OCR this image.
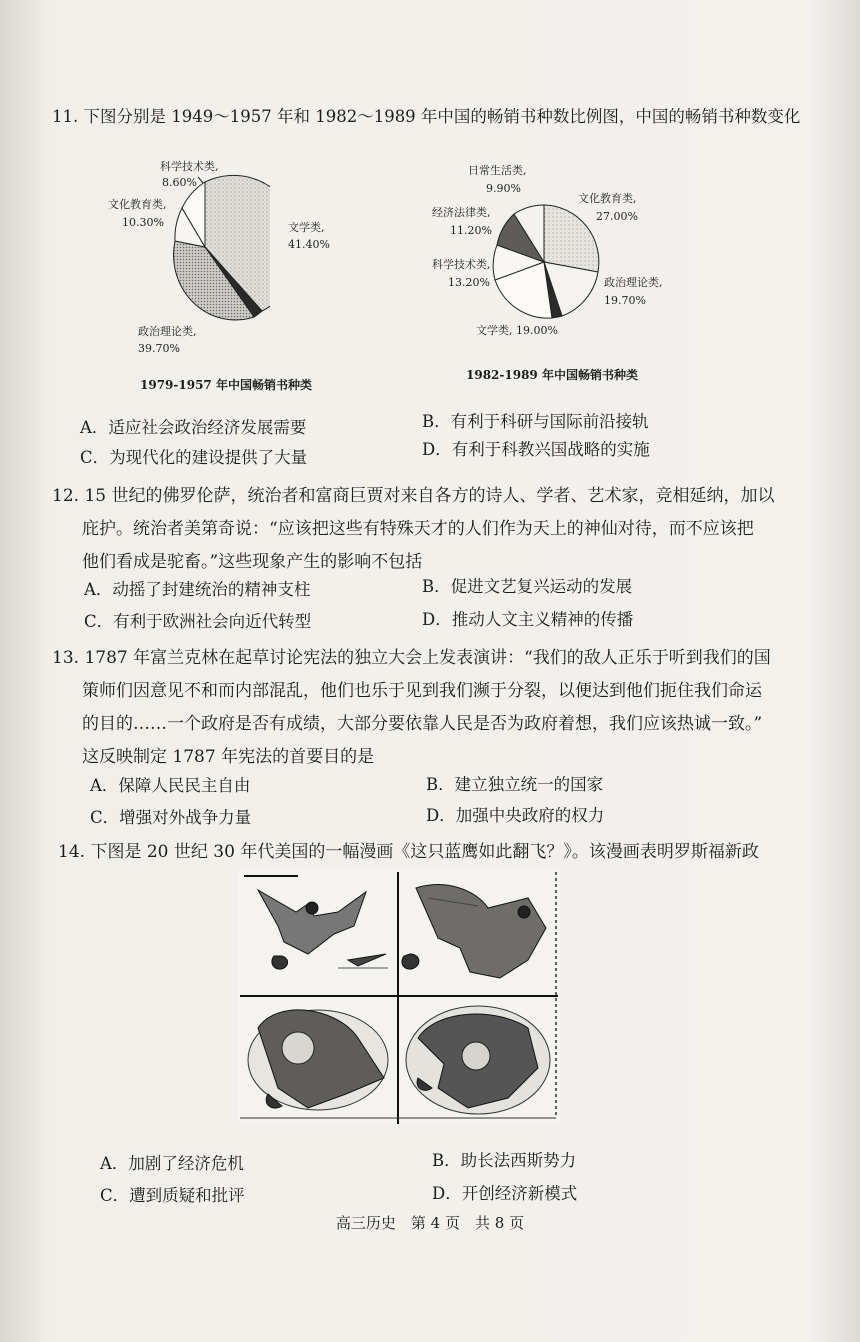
11. 下图分别是 1949～1957 年和 1982～1989 年中国的畅销书种数比例图，中国的畅销书种数变化

科学技术类,
8.60%
文化教育类,
10.30%	文学类,
41.40%
政治理论类,
39.70%
1979-1957 年中国畅销书种类
日常生活类,
9.90%
经济法律类,
11.20%
科学技术类,
13.20%
文化教育类,
27.00%
政治理论类,
19.70%
文学类, 19.00%
1982-1989 年中国畅销书种类
A．适应社会政治经济发展需要	B．有利于科研与国际前沿接轨
C．为现代化的建设提供了大量	D．有利于科教兴国战略的实施

12. 15 世纪的佛罗伦萨，统治者和富商巨贾对来自各方的诗人、学者、艺术家，竞相延纳，加以

庇护。统治者美第奇说：“应该把这些有特殊天才的人们作为天上的神仙对待，而不应该把

他们看成是驼畜。”这些现象产生的影响不包括

A．动摇了封建统治的精神支柱	B．促进文艺复兴运动的发展
C．有利于欧洲社会向近代转型	D．推动人文主义精神的传播

13. 1787 年富兰克林在起草讨论宪法的独立大会上发表演讲：“我们的敌人正乐于听到我们的国

策师们因意见不和而内部混乱，他们也乐于见到我们濒于分裂，以便达到他们扼住我们命运

的目的……一个政府是否有成绩，大部分要依靠人民是否为政府着想，我们应该热诚一致。”

这反映制定 1787 年宪法的首要目的是

A．保障人民民主自由	B．建立独立统一的国家
C．增强对外战争力量	D．加强中央政府的权力

14. 下图是 20 世纪 30 年代美国的一幅漫画《这只蓝鹰如此翻飞？》。该漫画表明罗斯福新政

A．加剧了经济危机	B．助长法西斯势力
C．遭到质疑和批评	D．开创经济新模式
高三历史　第 4 页　共 8 页
